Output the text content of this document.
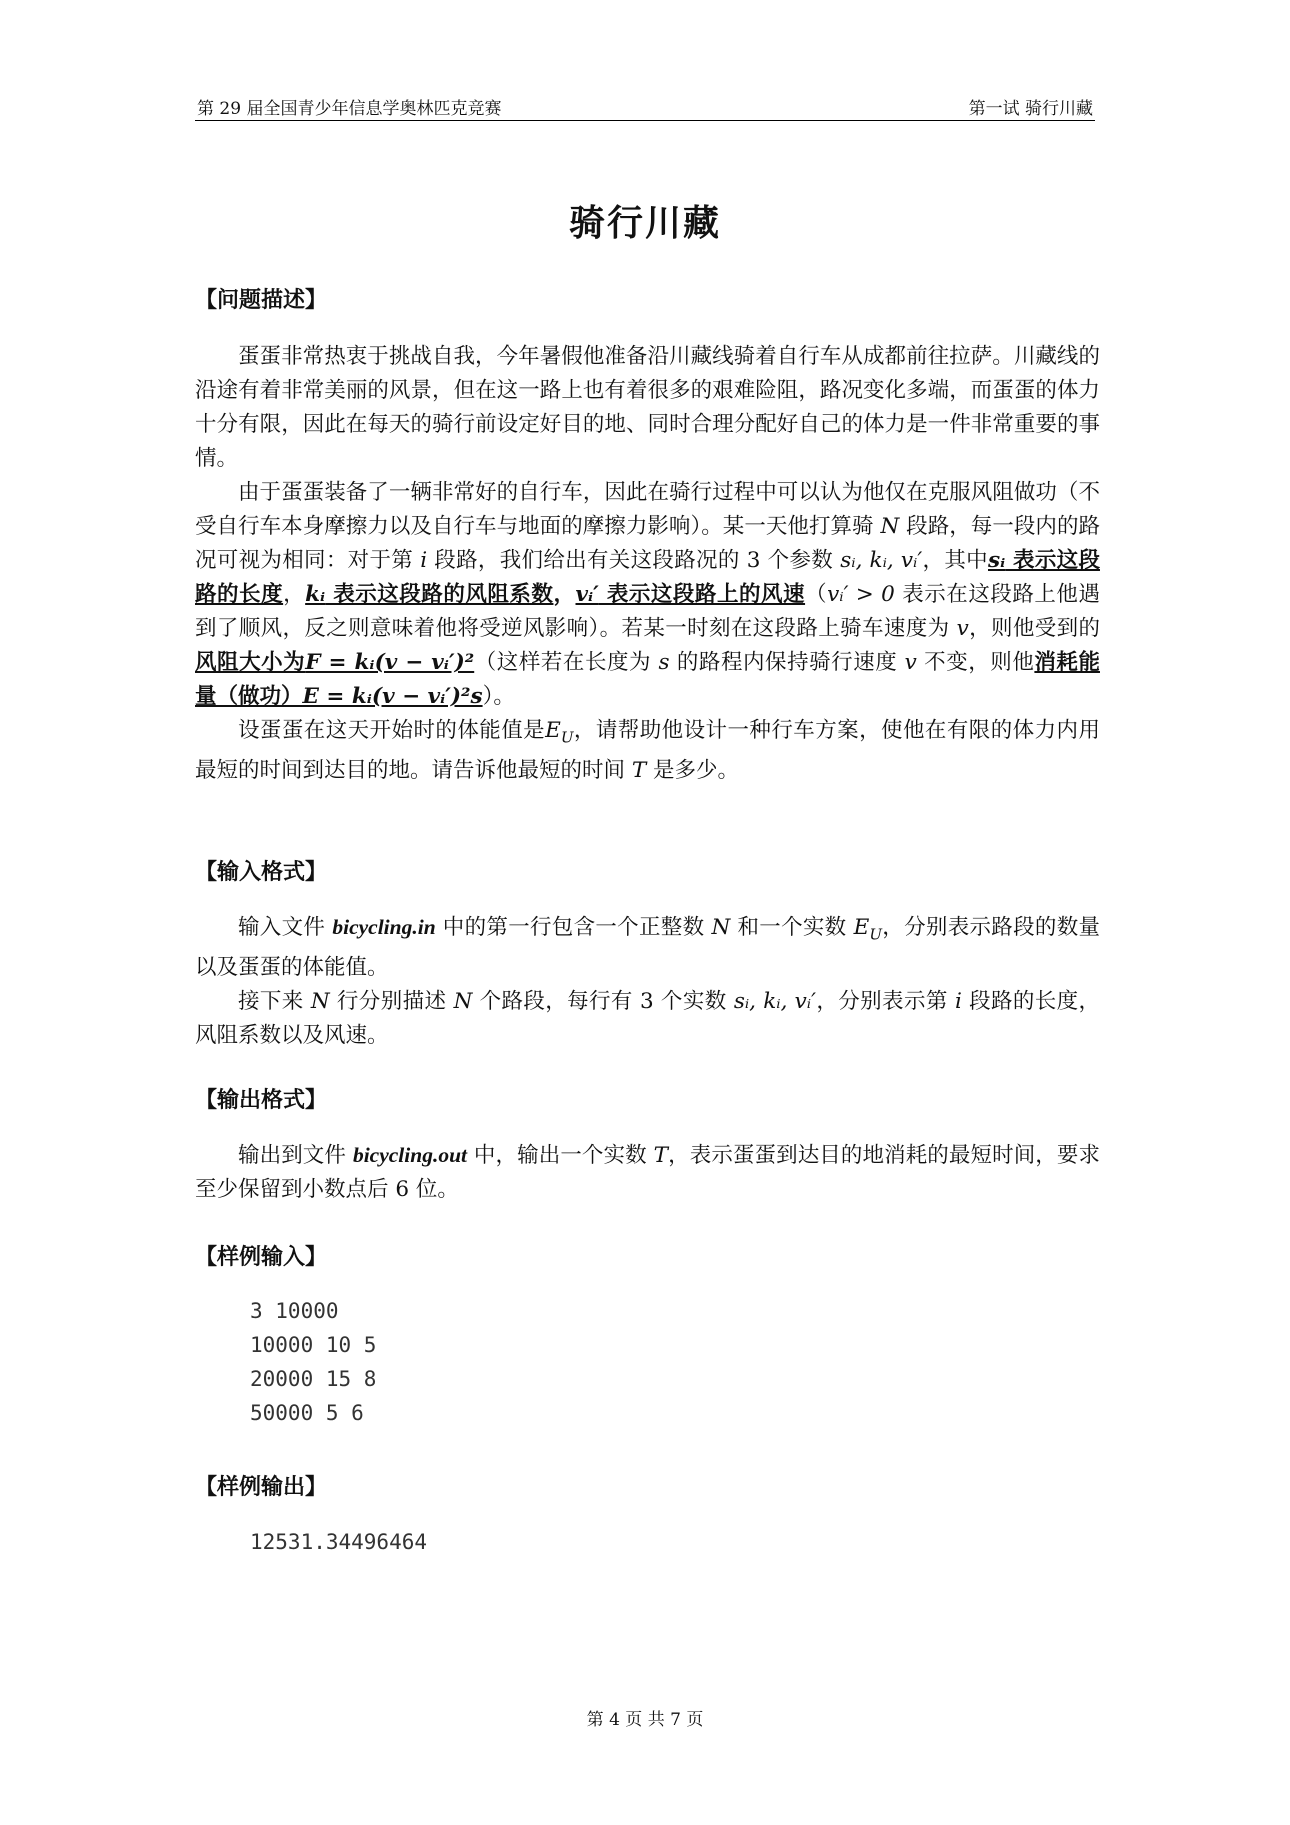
第 29 届全国青少年信息学奥林匹克竞赛	第一试 骑行川藏
骑行川藏
【问题描述】

蛋蛋非常热衷于挑战自我，今年暑假他准备沿川藏线骑着自行车从成都前往拉萨。川藏线的沿途有着非常美丽的风景，但在这一路上也有着很多的艰难险阻，路况变化多端，而蛋蛋的体力十分有限，因此在每天的骑行前设定好目的地、同时合理分配好自己的体力是一件非常重要的事情。

由于蛋蛋装备了一辆非常好的自行车，因此在骑行过程中可以认为他仅在克服风阻做功（不受自行车本身摩擦力以及自行车与地面的摩擦力影响）。某一天他打算骑 N 段路，每一段内的路况可视为相同：对于第 i 段路，我们给出有关这段路况的 3 个参数 sᵢ, kᵢ, vᵢ′，其中sᵢ 表示这段路的长度，kᵢ 表示这段路的风阻系数，vᵢ′ 表示这段路上的风速（vᵢ′ > 0 表示在这段路上他遇到了顺风，反之则意味着他将受逆风影响）。若某一时刻在这段路上骑车速度为 v，则他受到的风阻大小为F = kᵢ(v − vᵢ′)²（这样若在长度为 s 的路程内保持骑行速度 v 不变，则他消耗能量（做功）E = kᵢ(v − vᵢ′)²s）。

设蛋蛋在这天开始时的体能值是$E_U$，请帮助他设计一种行车方案，使他在有限的体力内用最短的时间到达目的地。请告诉他最短的时间 T 是多少。

【输入格式】

输入文件 bicycling.in 中的第一行包含一个正整数 N 和一个实数 $E_U$，分别表示路段的数量以及蛋蛋的体能值。

接下来 N 行分别描述 N 个路段，每行有 3 个实数 sᵢ, kᵢ, vᵢ′，分别表示第 i 段路的长度，风阻系数以及风速。

【输出格式】

输出到文件 bicycling.out 中，输出一个实数 T，表示蛋蛋到达目的地消耗的最短时间，要求至少保留到小数点后 6 位。

【样例输入】
3 10000
10000 10 5
20000 15 8
50000 5 6
【样例输出】
12531.34496464
第 4 页 共 7 页
